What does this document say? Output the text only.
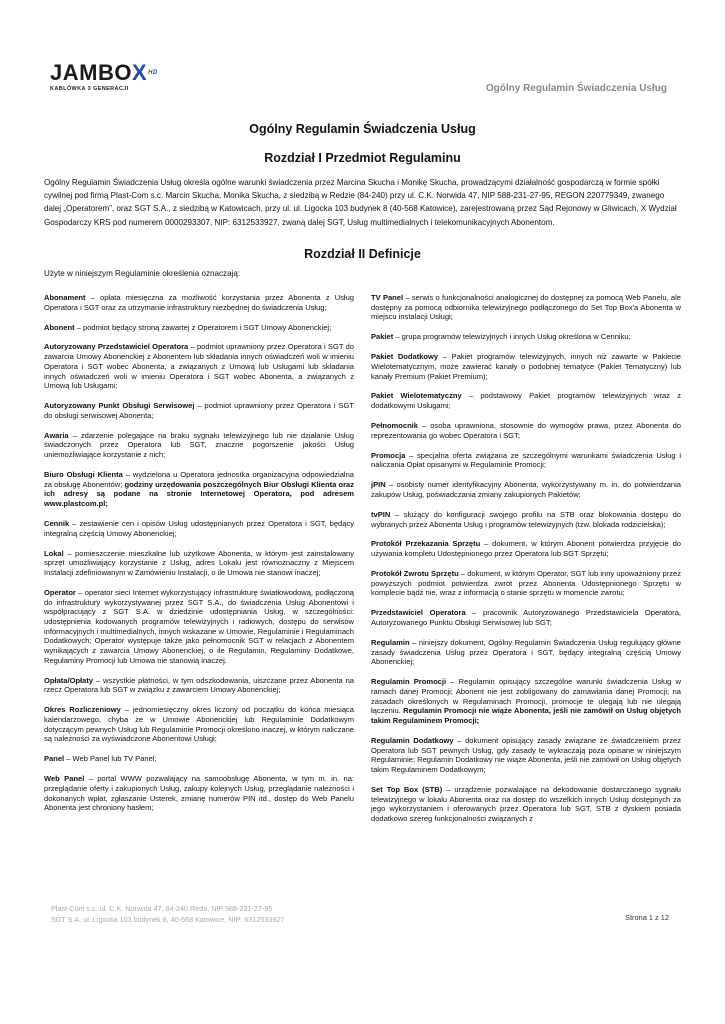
$JAMBOX^{HD}$
KABLÓWKA 3 GENERACJI	Ogólny Regulamin Świadczenia Usług
Ogólny Regulamin Świadczenia Usług
Rozdział I Przedmiot Regulaminu
Ogólny Regulamin Świadczenia Usług określa ogólne warunki świadczenia przez Marcina Skucha i Monikę Skucha, prowadzącymi działalność gospodarczą w formie spółki cywilnej pod firmą Plast-Com s.c. Marcin Skucha, Monika Skucha, z siedzibą w Redzie (84-240) przy ul. C.K. Norwida 47, NIP 588-231-27-95, REGON 220779349, zwanego dalej „Operatorem”, oraz SGT S.A., z siedzibą w Katowicach, przy ul. ul. Ligocka 103 budynek 8 (40-568 Katowice), zarejestrowaną przez Sąd Rejonowy w Gliwicach, X Wydział Gospodarczy KRS pod numerem 0000293307, NIP: 6312533927, zwaną dalej SGT, Usług multimedialnych i telekomunikacyjnych Abonentom.
Rozdział II Definicje
Użyte w niniejszym Regulaminie określenia oznaczają:

Abonament – opłata miesięczna za możliwość korzystania przez Abonenta z Usług Operatora i SGT oraz za utrzymanie infrastruktury niezbędnej do świadczenia Usług;

Abonent – podmiot będący stroną zawartej z Operatorem i SGT Umowy Abonenckiej;

Autoryzowany Przedstawiciel Operatora – podmiot uprawniony przez Operatora i SGT do zawarcia Umowy Abonenckiej z Abonentem lub składania innych oświadczeń woli w imieniu Operatora i SGT wobec Abonenta, a związanych z Umową lub Usługami lub składania innych oświadczeń woli w imieniu Operatora i SGT wobec Abonenta, a związanych z Umową lub Usługami;

Autoryzowany Punkt Obsługi Serwisowej – podmiot uprawniony przez Operatora i SGT do obsługi serwisowej Abonenta;

Awaria – zdarzenie polegające na braku sygnału telewizyjnego lub nie działanie Usług świadczonych przez Operatora lub SGT, znaczne pogorszenie jakości Usług uniemożliwiające korzystanie z nich;

Biuro Obsługi Klienta – wydzielona u Operatora jednostka organizacyjna odpowiedzialna za obsługę Abonentów; godziny urzędowania poszczególnych Biur Obsługi Klienta oraz ich adresy są podane na stronie Internetowej Operatora, pod adresem www.plastcom.pl;

Cennik – zestawienie cen i opisów Usług udostępnianych przez Operatora i SGT, będący integralną częścią Umowy Abonenckiej;

Lokal – pomieszczenie mieszkalne lub użytkowe Abonenta, w którym jest zainstalowany sprzęt umożliwiający korzystanie z Usług, adres Lokalu jest równoznaczny z Miejscem Instalacji zdefiniowanym w Zamówieniu Instalacji, o ile Umowa nie stanowi inaczej;

Operator – operator sieci Internet wykorzystujący infrastrukturę światłowodową, podłączoną do infrastruktury wykorzystywanej przez SGT S.A., do świadczenia Usług Abonentowi i współpracujący z SGT S.A. w dziedzinie udostępniania Usług, w szczególności: udostępnienia kodowanych programów telewizyjnych i radiowych, dostępu do serwisów informacyjnych i multimedialnych, innych wskazane w Umowie, Regulaminie i Regulaminach Dodatkowych; Operator występuje także jako pełnomocnik SGT w relacjach z Abonentem wynikających z zawarcia Umowy Abonenckiej, o ile Regulamin, Regulaminy Dodatkowe, Regulaminy Promocji lub Umowa nie stanowią inaczej.

Opłata/Opłaty – wszystkie płatności, w tym odszkodowania, uiszczane przez Abonenta na rzecz Operatora lub SGT w związku z zawarciem Umowy Abonenckiej;

Okres Rozliczeniowy – jednomiesięczny okres liczony od początku do końca miesiąca kalendarzowego, chyba że w Umowie Abonenckiej lub Regulaminie Dodatkowym dotyczącym pewnych Usług lub Regulaminie Promocji określono inaczej, w którym naliczane są należności za wyświadczone Abonentowi Usługi;

Panel – Web Panel lub TV Panel;

Web Panel – portal WWW pozwalający na samoobsługę Abonenta, w tym m. in. na: przeglądanie oferty i zakupionych Usług, zakupy kolejnych Usług, przeglądanie należności i dokonanych wpłat, zgłaszanie Usterek, zmianę numerów PIN itd., dostęp do Web Panelu Abonenta jest chroniony hasłem;

TV Panel – serwis o funkcjonalności analogicznej do dostępnej za pomocą Web Panelu, ale dostępny za pomocą odbiornika telewizyjnego podłączonego do Set Top Box'a Abonenta w miejscu instalacji Usługi;

Pakiet – grupa programów telewizyjnych i innych Usług określona w Cenniku;

Pakiet Dodatkowy – Pakiet programów telewizyjnych, innych niż zawarte w Pakiecie Wielotematycznym, może zawierać kanały o podobnej tematyce (Pakiet Tematyczny) lub kanały Premium (Pakiet Premium);

Pakiet Wielotematyczny – podstawowy Pakiet programów telewizyjnych wraz z dodatkowymi Usługami;

Pełnomocnik – osoba uprawniona, stosownie do wymogów prawa, przez Abonenta do reprezentowania go wobec Operatora i SGT;

Promocja – specjalna oferta związana ze szczególnymi warunkami świadczenia Usług i naliczania Opłat opisanymi w Regulaminie Promocji;

jPIN – osobisty numer identyfikacyjny Abonenta, wykorzystywany m. in. do potwierdzania zakupów Usług, poświadczania zmiany zakupionych Pakietów;

tvPIN – służący do konfiguracji swojego profilu na STB oraz blokowania dostępu do wybranych przez Abonenta Usług i programów telewizyjnych (tzw. blokada rodzicielska);

Protokół Przekazania Sprzętu – dokument, w którym Abonent potwierdza przyjęcie do używania kompletu Udostępnionego przez Operatora lub SGT Sprzętu;

Protokół Zwrotu Sprzętu – dokument, w którym Operator, SGT lub inny upoważniony przez powyższych podmiot potwierdza zwrot przez Abonenta Udostępnionego Sprzętu w komplecie bądź nie, wraz z informacją o stanie sprzętu w momencie zwrotu;

Przedstawiciel Operatora – pracownik Autoryzowanego Przedstawiciela Operatora, Autoryzowanego Punktu Obsługi Serwisowej lub SGT;

Regulamin – niniejszy dokument, Ogólny Regulamin Świadczenia Usług regulujący główne zasady świadczenia Usług przez Operatora i SGT, będący integralną częścią Umowy Abonenckiej;

Regulamin Promocji – Regulamin opisujący szczególne warunki świadczenia Usług w ramach danej Promocji; Abonent nie jest zobligowany do zamawiania danej Promocji; na zasadach określonych w Regulaminach Promocji, promocje te ulegają lub nie ulegają łączeniu. Regulamin Promocji nie wiąże Abonenta, jeśli nie zamówił on Usług objętych takim Regulaminem Promocji;

Regulamin Dodatkowy – dokument opisujący zasady związane ze świadczeniem przez Operatora lub SGT pewnych Usług, gdy zasady te wykraczają poza opisane w niniejszym Regulaminie; Regulamin Dodatkowy nie wiąże Abonenta, jeśli nie zamówił on Usług objętych takim Regulaminem Dodatkowym;

Set Top Box (STB) – urządzenie pozwalające na dekodowanie dostarczanego sygnału telewizyjnego w lokalu Abonenta oraz na dostęp do wszelkich innych Usług dostępnych za jego wykorzystaniem i oferowanych przez Operatora lub SGT, STB z dyskiem posiada dodatkowo szereg funkcjonalności związanych z

Plast-Com s.c. ul. C.K. Norwida 47, 84-240 Reda, NIP 588-231-27-95
SGT S.A. ul. Ligocka 103 budynek 8, 40-568 Katowice, NIP: 6312533927	Strona 1 z 12
